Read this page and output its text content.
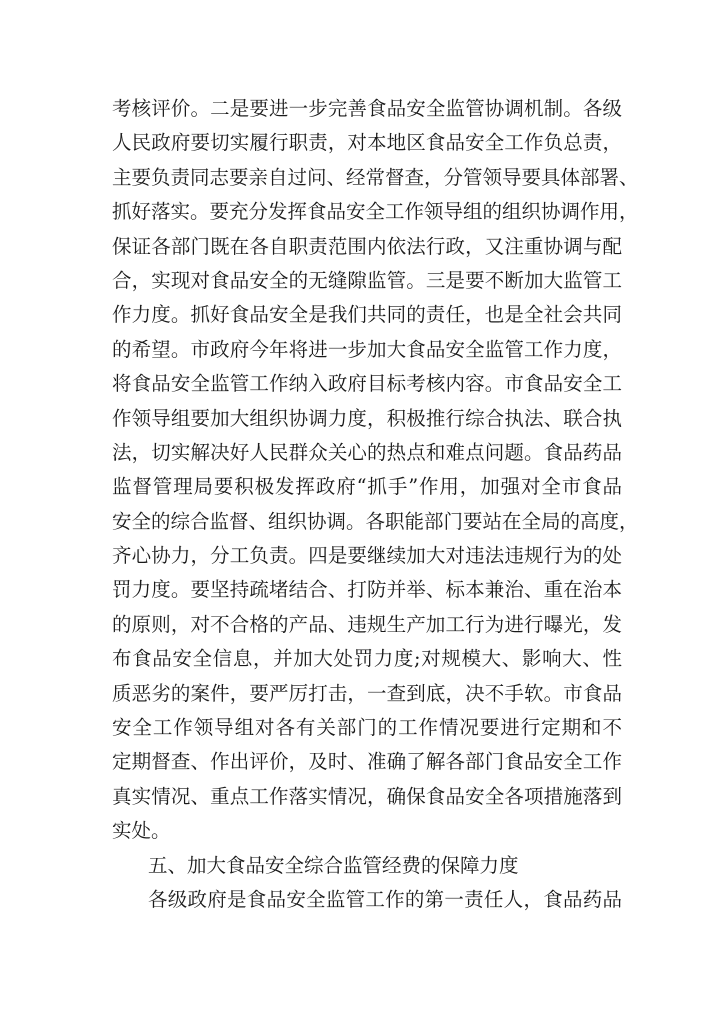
考核评价。二是要进一步完善食品安全监管协调机制。各级
人民政府要切实履行职责，对本地区食品安全工作负总责，
主要负责同志要亲自过问、经常督查，分管领导要具体部署、
抓好落实。要充分发挥食品安全工作领导组的组织协调作用，
保证各部门既在各自职责范围内依法行政，又注重协调与配
合，实现对食品安全的无缝隙监管。三是要不断加大监管工
作力度。抓好食品安全是我们共同的责任，也是全社会共同
的希望。市政府今年将进一步加大食品安全监管工作力度，
将食品安全监管工作纳入政府目标考核内容。市食品安全工
作领导组要加大组织协调力度，积极推行综合执法、联合执
法，切实解决好人民群众关心的热点和难点问题。食品药品
监督管理局要积极发挥政府“抓手”作用，加强对全市食品
安全的综合监督、组织协调。各职能部门要站在全局的高度，
齐心协力，分工负责。四是要继续加大对违法违规行为的处
罚力度。要坚持疏堵结合、打防并举、标本兼治、重在治本
的原则，对不合格的产品、违规生产加工行为进行曝光，发
布食品安全信息，并加大处罚力度;对规模大、影响大、性
质恶劣的案件，要严厉打击，一查到底，决不手软。市食品
安全工作领导组对各有关部门的工作情况要进行定期和不
定期督查、作出评价，及时、准确了解各部门食品安全工作
真实情况、重点工作落实情况，确保食品安全各项措施落到
实处。
五、加大食品安全综合监管经费的保障力度
各级政府是食品安全监管工作的第一责任人，食品药品
